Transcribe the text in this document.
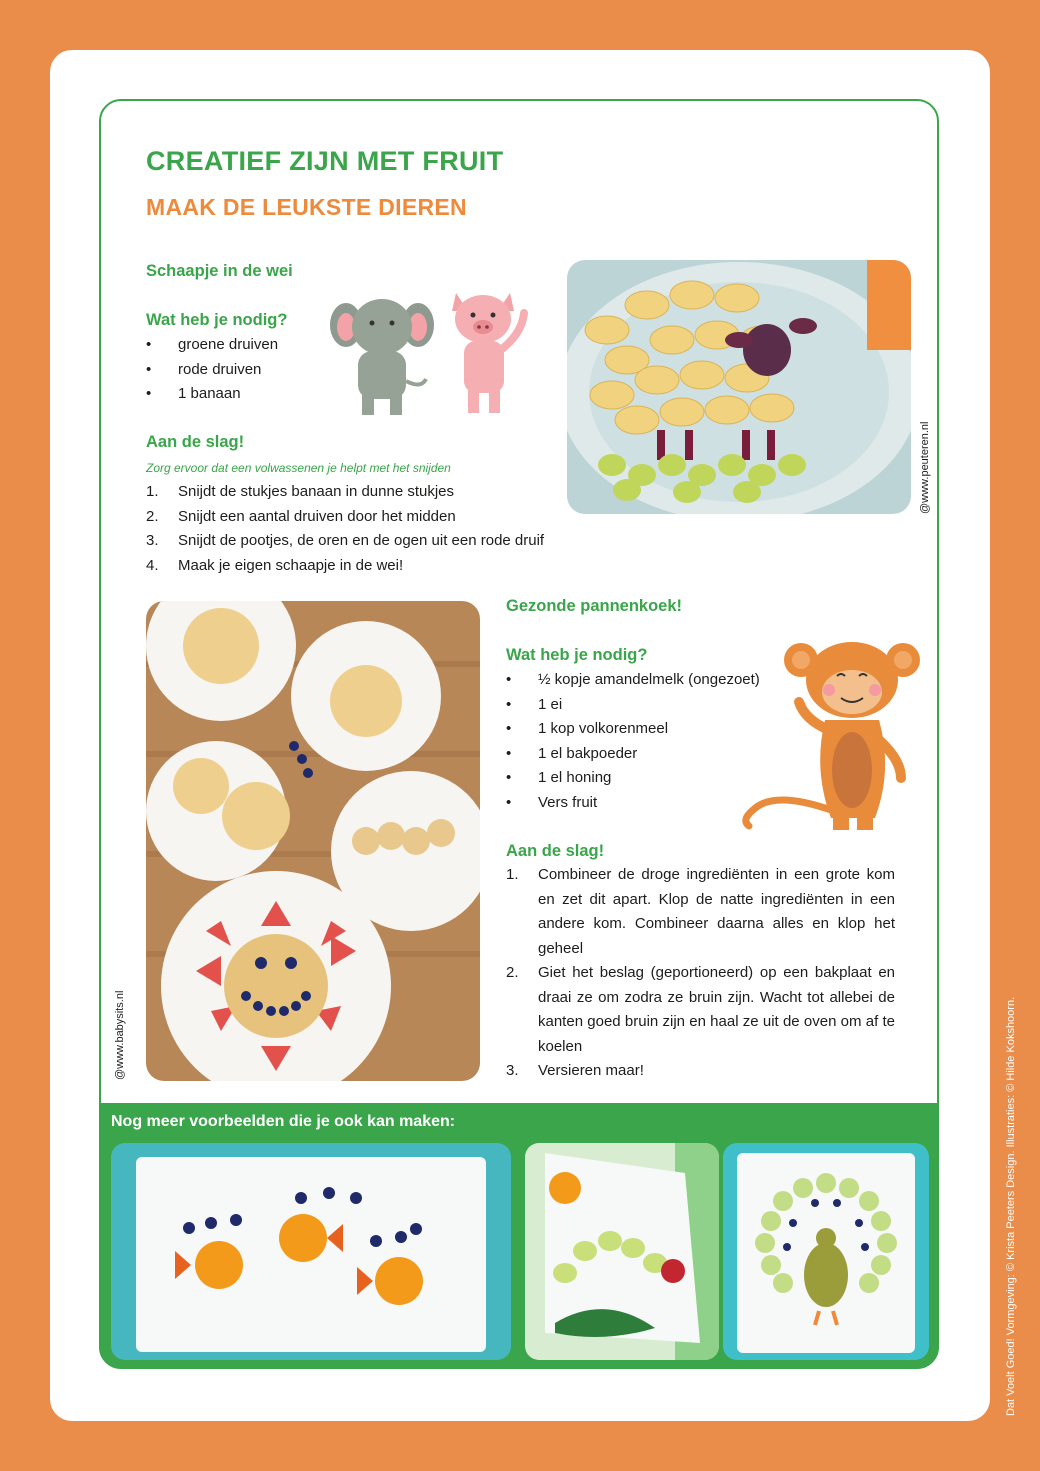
CREATIEF ZIJN MET FRUIT
MAAK DE LEUKSTE DIEREN
Schaapje in de wei
Wat heb je nodig?
• groene druiven
• rode druiven
• 1 banaan
Aan de slag!
Zorg ervoor dat een volwassenen je helpt met het snijden
1. Snijdt de stukjes banaan in dunne stukjes
2. Snijdt een aantal druiven door het midden
3. Snijdt de pootjes, de oren en de ogen uit een rode druif
4. Maak je eigen schaapje in de wei!
@www.peuteren.nl
@www.babysits.nl
Gezonde pannenkoek!
Wat heb je nodig?
• ½ kopje amandelmelk (ongezoet)
• 1 ei
• 1 kop volkorenmeel
• 1 el bakpoeder
• 1 el honing
• Vers fruit
Aan de slag!
1. Combineer de droge ingrediënten in een grote kom en zet dit apart. Klop de natte ingrediënten in een andere kom. Combineer daarna alles en klop het geheel
2. Giet het beslag (geportioneerd) op een bakplaat en draai ze om zodra ze bruin zijn. Wacht tot allebei de kanten goed bruin zijn en haal ze uit de oven om af te koelen
3. Versieren maar!
Nog meer voorbeelden die je ook kan maken:	Dat Voelt Goed! Vormgeving: © Krista Peeters Design. Illustraties: © Hilde Kokshoorn.
